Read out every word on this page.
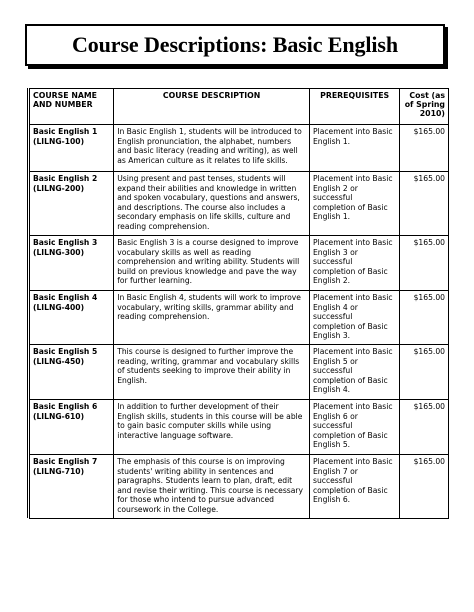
Course Descriptions: Basic English
COURSE NAME AND NUMBER	COURSE DESCRIPTION	PREREQUISITES	Cost (as of Spring 2010)

Basic English 1
(LILNG-100)	In Basic English 1, students will be introduced to English pronunciation, the alphabet, numbers and basic literacy (reading and writing), as well as American culture as it relates to life skills.	Placement into Basic English 1.	$165.00

Basic English 2
(LILNG-200)	Using present and past tenses, students will expand their abilities and knowledge in written and spoken vocabulary, questions and answers, and descriptions. The course also includes a secondary emphasis on life skills, culture and reading comprehension.	Placement into Basic English 2 or successful completion of Basic English 1.	$165.00

Basic English 3
(LILNG-300)	Basic English 3 is a course designed to improve vocabulary skills as well as reading comprehension and writing ability. Students will build on previous knowledge and pave the way for further learning.	Placement into Basic English 3 or successful completion of Basic English 2.	$165.00

Basic English 4
(LILNG-400)	In Basic English 4, students will work to improve vocabulary, writing skills, grammar ability and reading comprehension.	Placement into Basic English 4 or successful completion of Basic English 3.	$165.00

Basic English 5
(LILNG-450)	This course is designed to further improve the reading, writing, grammar and vocabulary skills of students seeking to improve their ability in English.	Placement into Basic English 5 or successful completion of Basic English 4.	$165.00

Basic English 6
(LILNG-610)	In addition to further development of their English skills, students in this course will be able to gain basic computer skills while using interactive language software.	Placement into Basic English 6 or successful completion of Basic English 5.	$165.00

Basic English 7
(LILNG-710)	The emphasis of this course is on improving students' writing ability in sentences and paragraphs. Students learn to plan, draft, edit and revise their writing. This course is necessary for those who intend to pursue advanced coursework in the College.	Placement into Basic English 7 or successful completion of Basic English 6.	$165.00
